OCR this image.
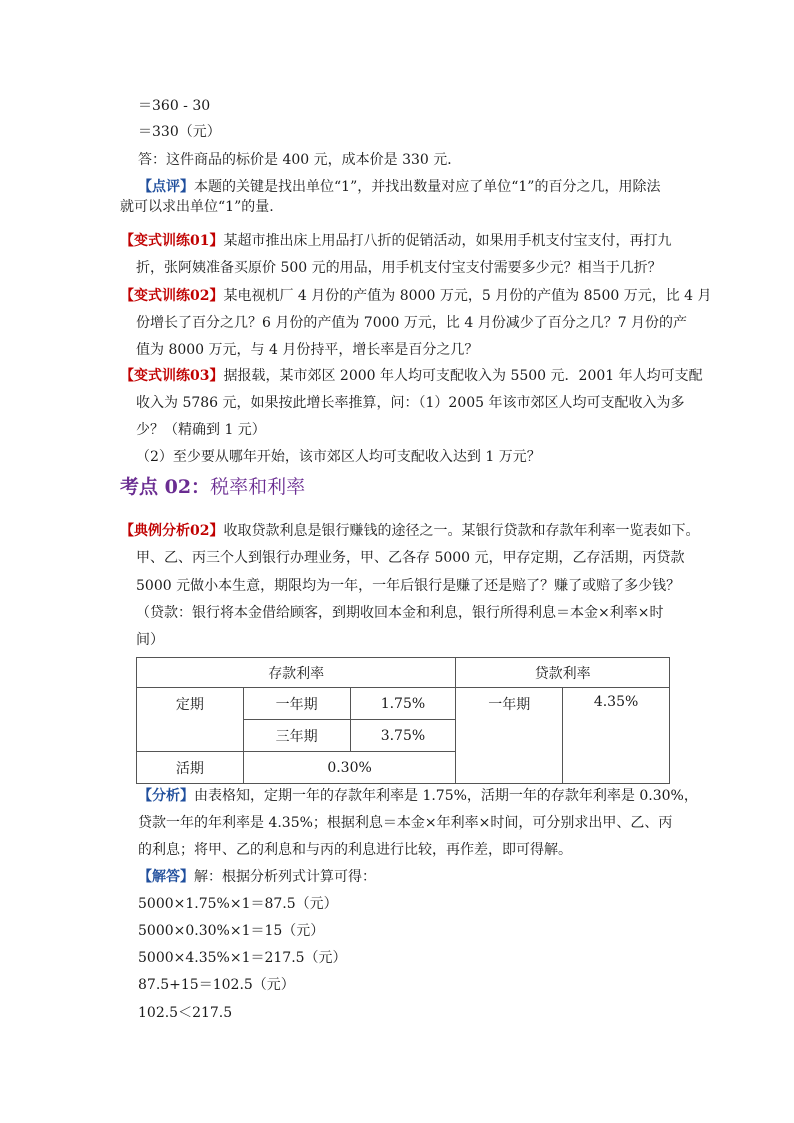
＝360 - 30
＝330（元）
答：这件商品的标价是 400 元，成本价是 330 元．
【点评】本题的关键是找出单位“1”，并找出数量对应了单位“1”的百分之几，用除法
就可以求出单位“1”的量.
【变式训练01】某超市推出床上用品打八折的促销活动，如果用手机支付宝支付，再打九
折，张阿姨准备买原价 500 元的用品，用手机支付宝支付需要多少元？相当于几折？
【变式训练02】某电视机厂 4 月份的产值为 8000 万元，5 月份的产值为 8500 万元，比 4 月
份增长了百分之几？6 月份的产值为 7000 万元，比 4 月份减少了百分之几？7 月份的产
值为 8000 万元，与 4 月份持平，增长率是百分之几？
【变式训练03】据报载，某市郊区 2000 年人均可支配收入为 5500 元．2001 年人均可支配
收入为 5786 元，如果按此增长率推算，问：（1）2005 年该市郊区人均可支配收入为多
少？（精确到 1 元）
（2）至少要从哪年开始，该市郊区人均可支配收入达到 1 万元？
考点 02：税率和利率
【典例分析02】收取贷款利息是银行赚钱的途径之一。某银行贷款和存款年利率一览表如下。
甲、乙、丙三个人到银行办理业务，甲、乙各存 5000 元，甲存定期，乙存活期，丙贷款
5000 元做小本生意，期限均为一年，一年后银行是赚了还是赔了？赚了或赔了多少钱？
（贷款：银行将本金借给顾客，到期收回本金和利息，银行所得利息＝本金×利率×时
间）
存款利率			贷款利率	
定期	一年期	1.75%	一年期	4.35%
	三年期	3.75%		
活期	0.30%			
【分析】由表格知，定期一年的存款年利率是 1.75%，活期一年的存款年利率是 0.30%，
贷款一年的年利率是 4.35%；根据利息＝本金×年利率×时间，可分别求出甲、乙、丙
的利息；将甲、乙的利息和与丙的利息进行比较，再作差，即可得解。
【解答】解：根据分析列式计算可得：
5000×1.75%×1＝87.5（元）
5000×0.30%×1＝15（元）
5000×4.35%×1＝217.5（元）
87.5+15＝102.5（元）
102.5＜217.5
